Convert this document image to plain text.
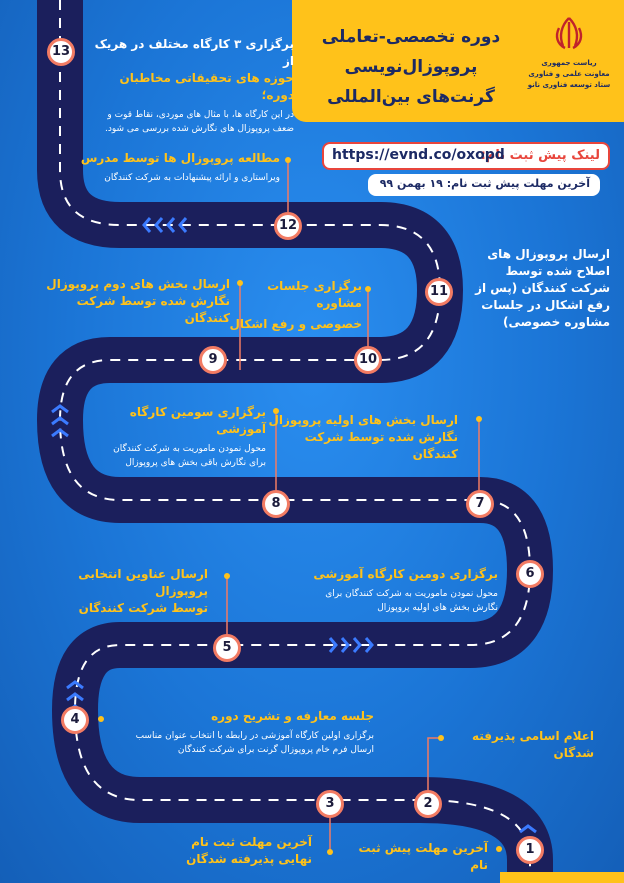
دوره تخصصی-تعاملی
پروپوزال‌نویسی
گرنت‌های بین‌المللی
ریاست جمهوری
معاونت علمی و فناوری
ستاد توسعه فناوری نانو
لینک پیش ثبت نام:
https://evnd.co/oxopd
آخرین مهلت پیش ثبت نام: ۱۹ بهمن ۹۹
13	برگزاری ۳ کارگاه مختلف در هریک از
حوزه های تحقیقاتی مخاطبان دوره؛
در این کارگاه ها، با مثال های موردی، نقاط قوت و
ضعف پروپوزال های نگارش شده بررسی می شود.
12
مطالعه پروپوزال ها توسط مدرس
ویراستاری و ارائه پیشنهادات به شرکت کنندگان
11
ارسال پروپوزال های
اصلاح شده توسط
شرکت کنندگان (پس از
رفع اشکال در جلسات
مشاوره خصوصی)
10
برگزاری جلسات مشاوره
خصوصی و رفع اشکال
9
ارسال بخش های دوم پروپوزال
نگارش شده توسط شرکت کنندگان
8
برگزاری سومین کارگاه آموزشی
محول نمودن ماموریت به شرکت کنندگان
برای نگارش باقی بخش های پروپوزال
7
ارسال بخش های اولیه پروپوزال
نگارش شده توسط شرکت کنندگان
6
برگزاری دومین کارگاه آموزشی
محول نمودن ماموریت به شرکت کنندگان برای
نگارش بخش های اولیه پروپوزال
5
ارسال عناوین انتخابی پروپوزال
توسط شرکت کنندگان
4	جلسه معارفه و تشریح دوره
برگزاری اولین کارگاه آموزشی در رابطه با انتخاب عنوان مناسب
ارسال فرم خام پروپوزال گرنت برای شرکت کنندگان
3
آخرین مهلت ثبت نام
نهایی پذیرفته شدگان
2
اعلام اسامی پذیرفته شدگان
1
آخرین مهلت پیش ثبت نام
